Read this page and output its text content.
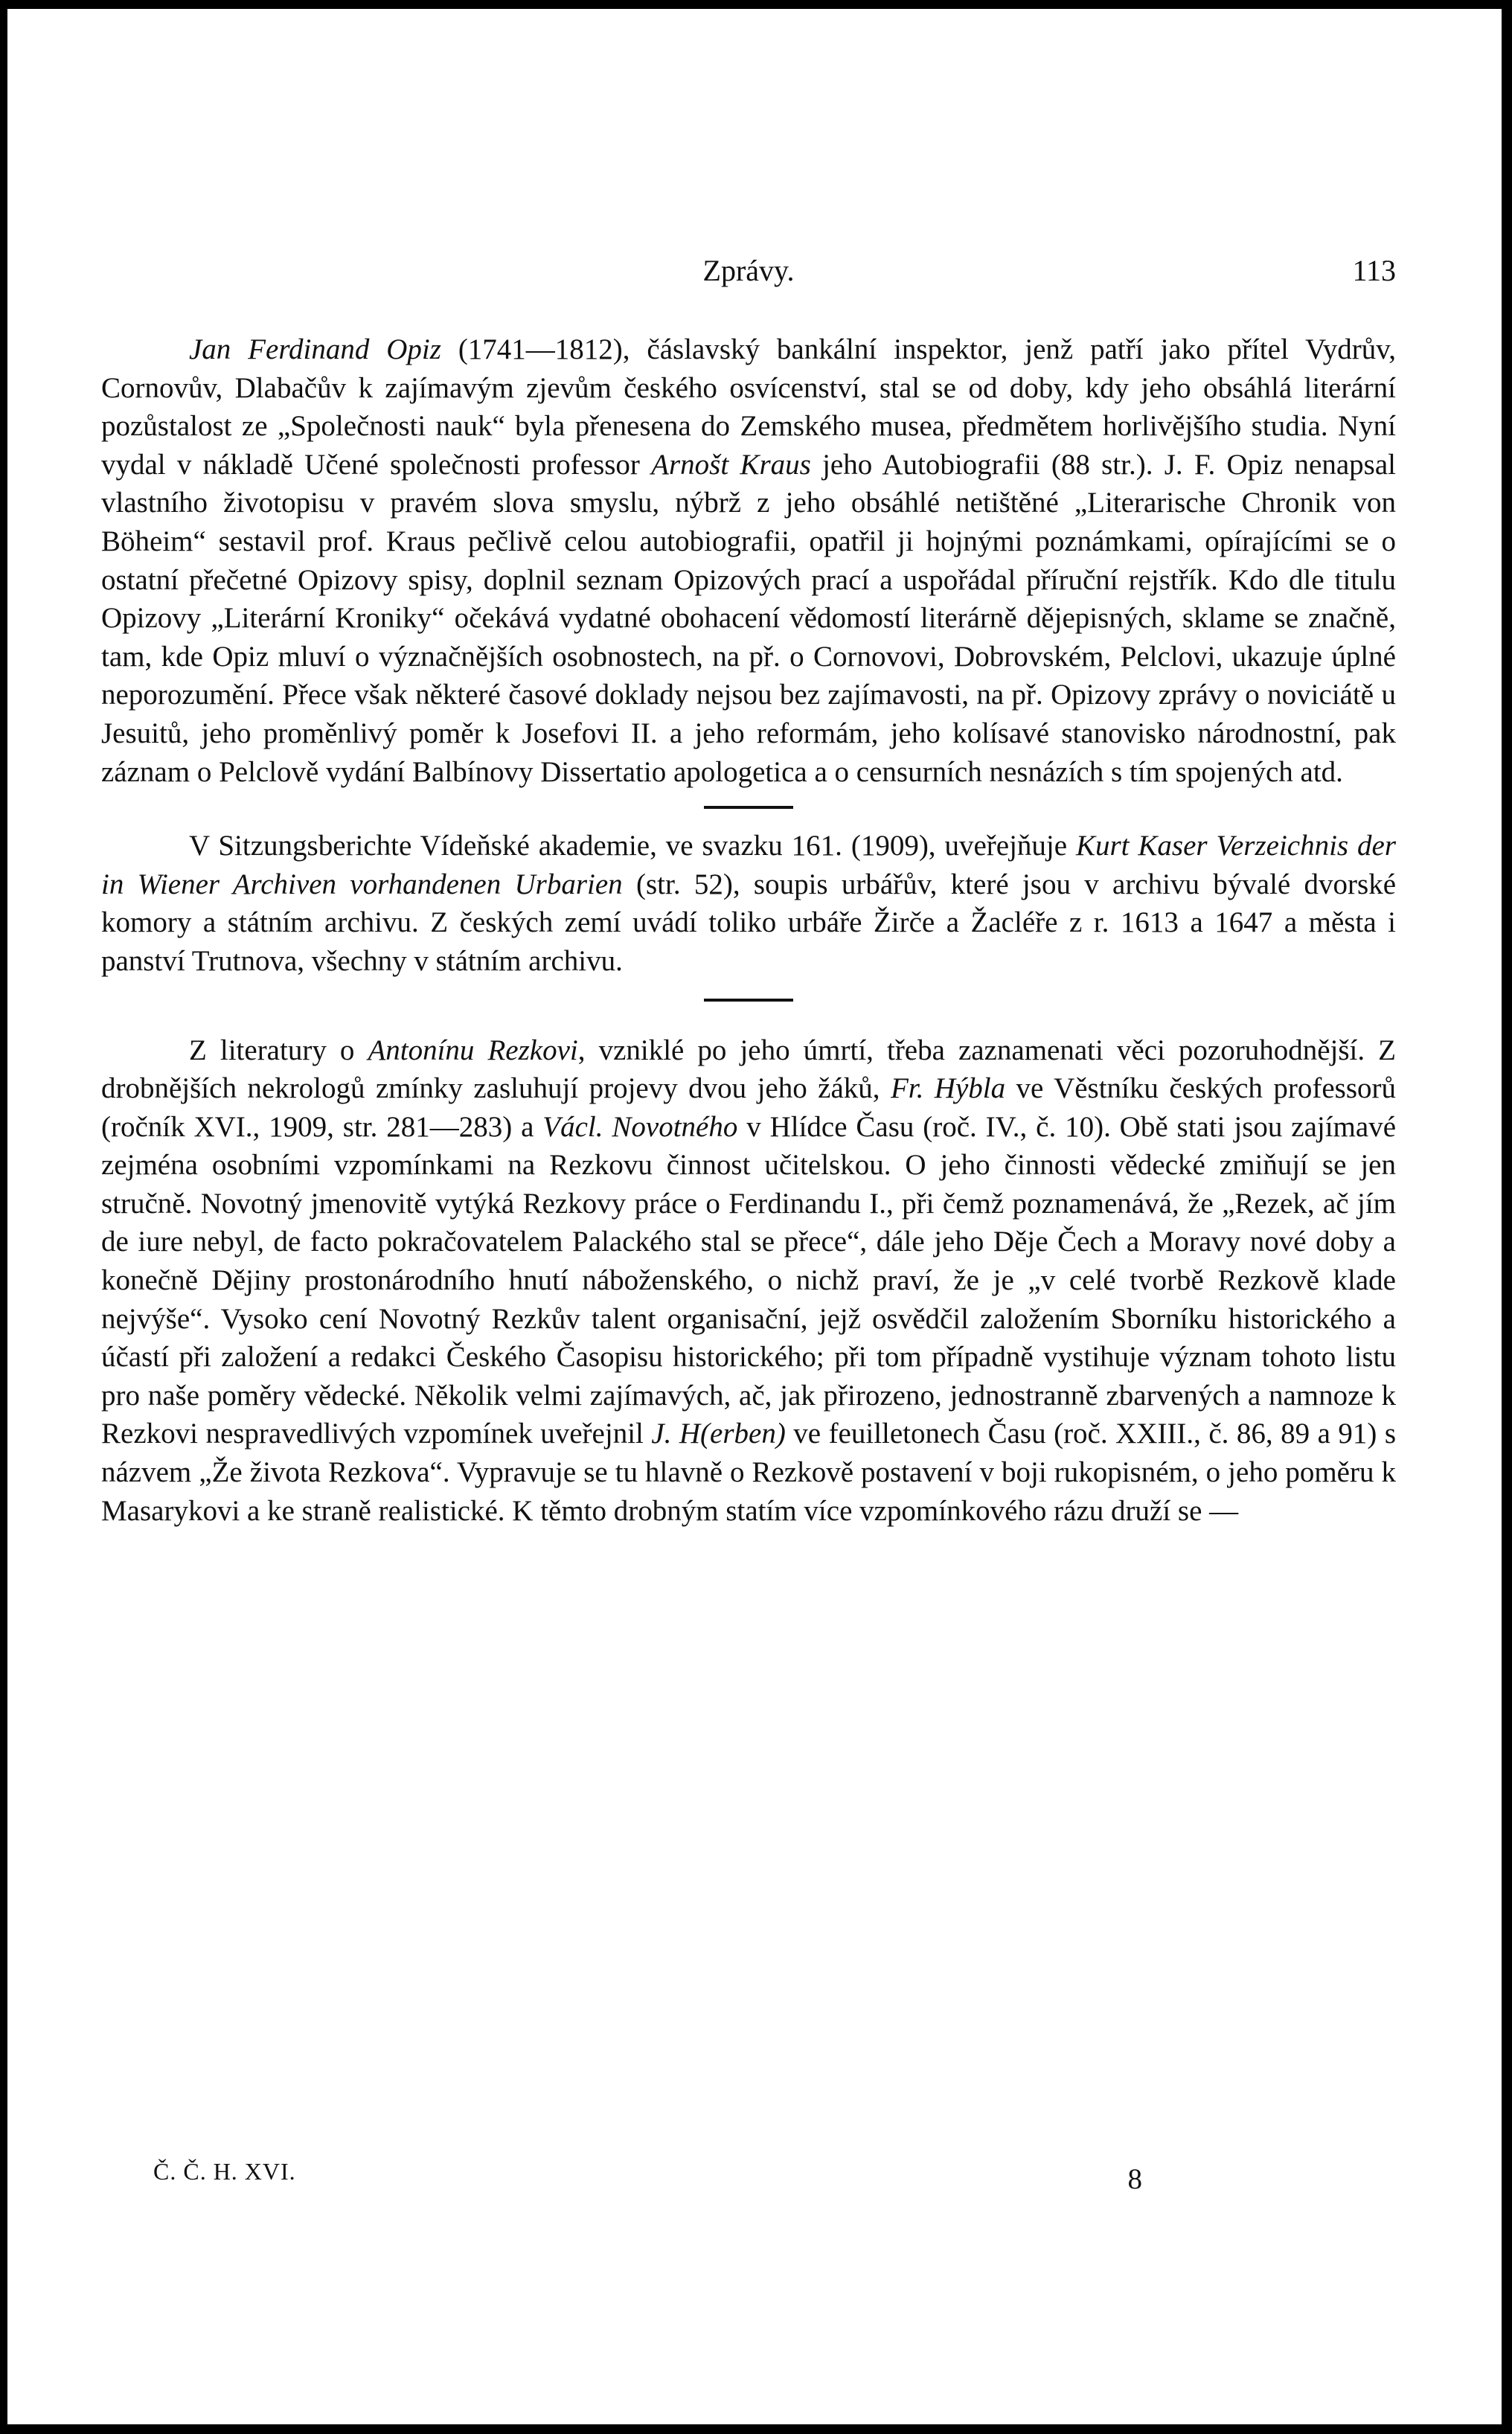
Zprávy.	113

Jan Ferdinand Opiz (1741—1812), čáslavský bankální inspektor, jenž patří jako přítel Vydrův, Cornovův, Dlabačův k zajímavým zjevům českého osvícenství, stal se od doby, kdy jeho obsáhlá literární pozůstalost ze „Společnosti nauk“ byla přenesena do Zemského musea, předmětem horlivějšího studia. Nyní vydal v nákladě Učené společnosti professor Arnošt Kraus jeho Autobiografii (88 str.). J. F. Opiz nenapsal vlastního životopisu v pravém slova smyslu, nýbrž z jeho obsáhlé netištěné „Literarische Chronik von Böheim“ sestavil prof. Kraus pečlivě celou autobiografii, opatřil ji hojnými poznámkami, opírajícími se o ostatní přečetné Opizovy spisy, doplnil seznam Opizových prací a uspořádal příruční rejstřík. Kdo dle titulu Opizovy „Literární Kroniky“ očekává vydatné obohacení vědomostí literárně dějepisných, sklame se značně, tam, kde Opiz mluví o význačnějších osobnostech, na př. o Cornovovi, Dobrovském, Pelclovi, ukazuje úplné neporozumění. Přece však některé časové doklady nejsou bez zajímavosti, na př. Opizovy zprávy o noviciátě u Jesuitů, jeho proměnlivý poměr k Josefovi II. a jeho reformám, jeho kolísavé stanovisko národnostní, pak záznam o Pelclově vydání Balbínovy Dissertatio apologetica a o censurních nesnázích s tím spojených atd.

V Sitzungsberichte Vídeňské akademie, ve svazku 161. (1909), uveřejňuje Kurt Kaser Verzeichnis der in Wiener Archiven vorhandenen Urbarien (str. 52), soupis urbářův, které jsou v archivu bývalé dvorské komory a státním archivu. Z českých zemí uvádí toliko urbáře Žirče a Žacléře z r. 1613 a 1647 a města i panství Trutnova, všechny v státním archivu.

Z literatury o Antonínu Rezkovi, vzniklé po jeho úmrtí, třeba zaznamenati věci pozoruhodnější. Z drobnějších nekrologů zmínky zasluhují projevy dvou jeho žáků, Fr. Hýbla ve Věstníku českých professorů (ročník XVI., 1909, str. 281—283) a Václ. Novotného v Hlídce Času (roč. IV., č. 10). Obě stati jsou zajímavé zejména osobními vzpomínkami na Rezkovu činnost učitelskou. O jeho činnosti vědecké zmiňují se jen stručně. Novotný jmenovitě vytýká Rezkovy práce o Ferdinandu I., při čemž poznamenává, že „Rezek, ač jím de iure nebyl, de facto pokračovatelem Palackého stal se přece“, dále jeho Děje Čech a Moravy nové doby a konečně Dějiny prostonárodního hnutí náboženského, o nichž praví, že je „v celé tvorbě Rezkově klade nejvýše“. Vysoko cení Novotný Rezkův talent organisační, jejž osvědčil založením Sborníku historického a účastí při založení a redakci Českého Časopisu historického; při tom případně vystihuje význam tohoto listu pro naše poměry vědecké. Několik velmi zajímavých, ač, jak přirozeno, jednostranně zbarvených a namnoze k Rezkovi nespravedlivých vzpomínek uveřejnil J. H(erben) ve feuilletonech Času (roč. XXIII., č. 86, 89 a 91) s názvem „Že života Rezkova“. Vypravuje se tu hlavně o Rezkově postavení v boji rukopisném, o jeho poměru k Masarykovi a ke straně realistické. K těmto drobným statím více vzpomínkového rázu druží se —

Č. Č. H. XVI.	8
